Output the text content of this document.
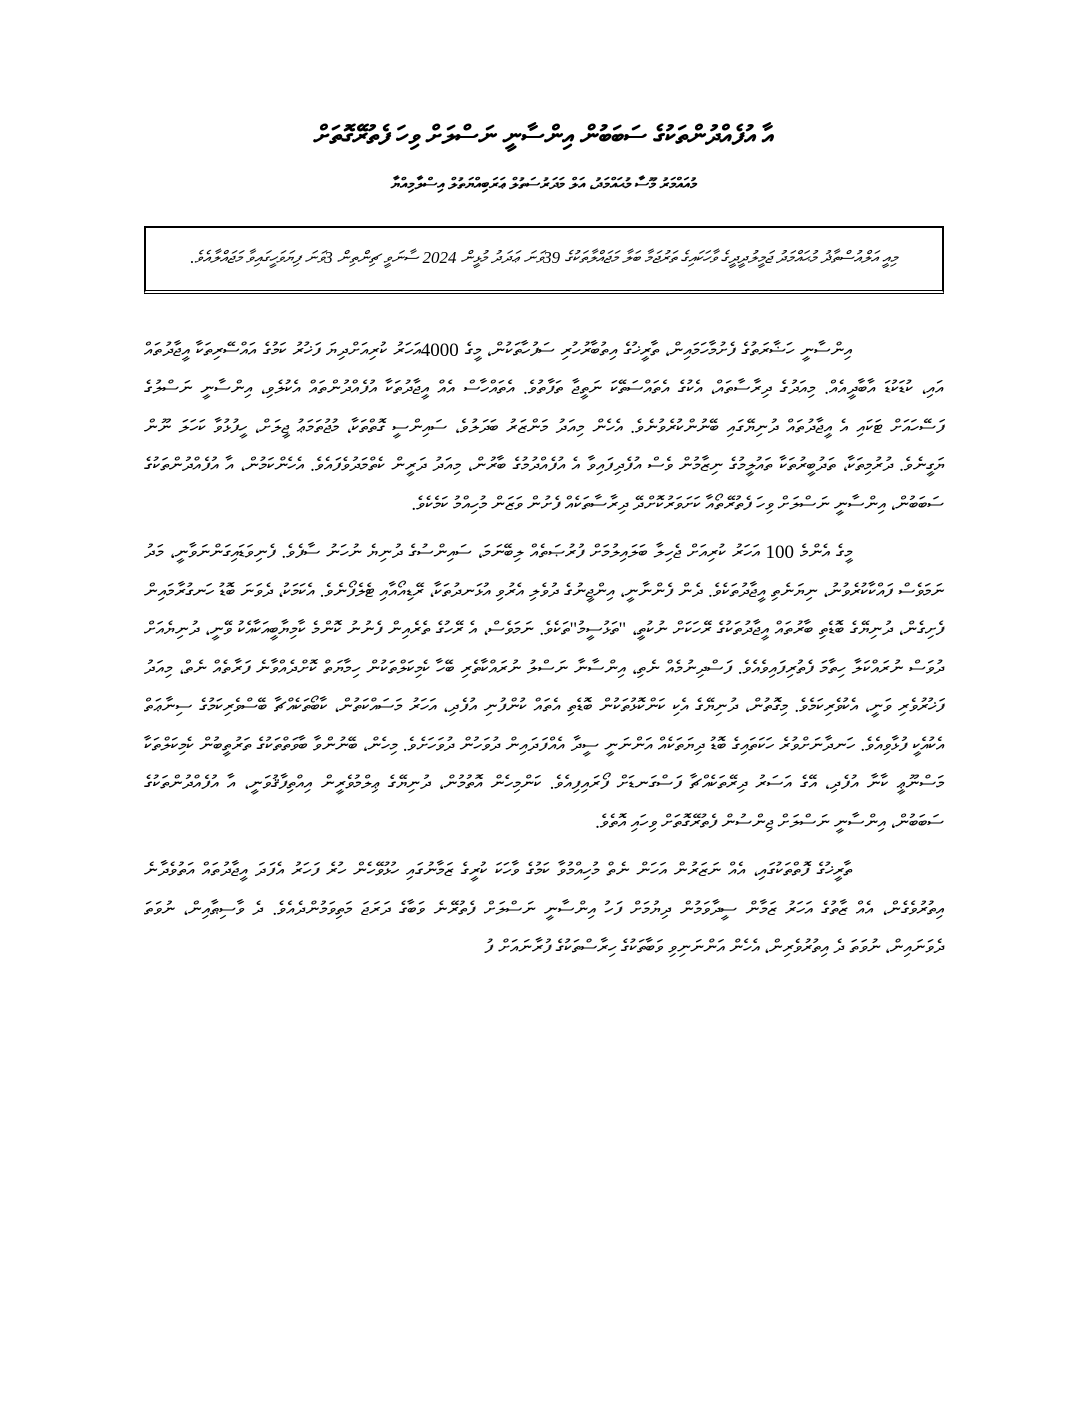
އާ އުފެއްދުންތަކުގެ ސަބަބުން އިންސާނީ ނަސްލަށް ވިހަ ފެތުރޭގޮތަށް
މުއައްމަރު މޫސާ މުޙައްމަދު، އަލް މަދަރުސަތުލް ޢަރަބިއްޔަތުލް އިސްލާމިއްޔާ
މިއީ އަލްއުސްތާޛު މުޙައްމަދު ޖަމީލުދީދީގެ ވާހަކައިގެ ތަރުޖަމާ ބަލާ މަޖައްލާތަކުގެ 39ވަނަ ޢަދަދު މުޅީން 2024 ސާނަވީ ޗިންތިން 3ވަނަ ފިޔަވަހީގައިވާ މަޖައްލާއެވެ.

އިންސާނީ ހަޟާރަތުގެ ފެށުމާހަމައިން، ތާރީޚުގެ އިތުބާރުހުރި ސަފުހާތަކުން، މީގެ 4000އަހަރު ކުރިއަށްދިޔަ ފަޚުރު ކަމުގެ އައްސޭރިތަކާ އީޖާދުތައް އައި، ކުޑަކުޑަ އާބާދީއެއް. މިއަދުގެ ދިރާސާތައް، އެކުގެ އެތައްސަތޭކަ ނަތީޖާ ތަފާތުވެ. އެތައްހާސް އެއް އީޖާދުތަކާ އުފެއްދުންތައް އެކުލެވި، އިންސާނީ ނަސްލުގެ ފަސޭހައަށް ޓަކައި އެ އީޖާދުތައް ދުނިޔޭގައި ބޭނުންކުރެވުނެވެ. އެހެން މިއަދު މަންޒަރު ބަދަލުވެ، ސައިންސީ ގޮތްތަކާ، މުޖުތަމަޢު ޖީލަށް، ހީފުޅުވާ ކަހަލަ ނޫން ޔަގީނެވެ. ދުރުމިތަކާ، ތަދުބީރުތަކާ ތައުލީމުގެ ނިޒާމުން ވެސް އުފެދިފައިވާ އެ އުފެއްދުމުގެ ބާރުން، މިއަދު ދަރީން ކެތްމަދުވެފައެވެ. އެހެންކަމުން، އާ އުފެއްދުންތަކުގެ ސަބަބުން، އިންސާނީ ނަސްލަށް ވިހަ ފެތުރޭތޯއާ ކަށަވަރުކޮށްދޭ ދިރާސާތަކެއް ފެށުން ވަޒަން މުހިއްމު ކަމެކެވެ.

މީގެ އެންމެ 100 އަހަރު ކުރިއަށް ޖެހިލާ ބަލައިލުމަށް ފުރުޞަތެއް ލިބޭނަމަ، ސައިންސުގެ ދުނިޔެ ނުހަނު ސާފެވެ. ފެނިވަޑައިގަންނަވާނީ، މަދު ނަމަވެސް ފައްކާކުރެވުނު، ނިޔަނެތި އީޖާދުތަކެވެ. ދެން ފެންނާނީ، އިންޖީނުގެ ދުވެލި އެރުވި އުޅަނދުތަކާ، ރޭޑިއޯއާއި ޓެލެފޯނެވެ. އެކަމަކު، ދެވަނަ ބޮޑު ހަނގުރާމައިން ފެށިގެން، ދުނިޔޭގެ ބޮޑެތި ބާރުތައް އީޖާދުތަކުގެ ރޭހަކަށް ނުކުތީ، "ތަޅުސީމު"ތަކެވެ. ނަމަވެސް، އެ ރޭހުގެ ތެރެއިން ފެނުނު ކޮންމެ ކާމިޔާބީއަކާއެކު ވޭނީ، ދުނިޔެއަށް ދުވަސް ނުރައްކަލާ ހިތާމަ ފެތުރިފައިވެއެވެ. ފަސްދިނުމެއް ނެތި، އިންސާނާ ނަސްލު ނުރައްކާތެރި ބޭހާ ކެމިކަލްތަކުން ހިމާޔަތް ކޮށްދެއްވާނެ ފަރާތެއް ނެތް، މިއަދު ފަޚުރުވެރި ވަނީ، އެކުވެރިކަމެވެ. މިގޮތުން، ދުނިޔޭގެ އެކި ކަންކޮޅުތަކުން ބޮޑެތި އެތައް ކުންފުނި އުފެދި، އަހަރު މަސައްކަތުން، ކާބޯތަކެއްޗާ ބޭސްވެރިކަމުގެ ސިނާޢަތް އެކުއެކީ ފުޅާވިއެވެ. ހަނދާނަށްވުރެ ހަކަތައިގެ ބޮޑު ދިޔަތަކެއް އަންނަނީ ސީދާ އެއްފަދައިން ދުވަހުން ދުވަހަށެވެ. މިހެން، ބޭނުންވާ ބާވަތްތަކުގެ ތަރުތީބުން ކެމިކަލްތަކާ މަސްނޫޢީ ކާނާ އުފެދި، އޭގެ އަސަރު ދިރޭތަކެއްޗާ ފަސްގަނޑަށް ފޯރައިފިއެވެ. ކަންމިހެން އޮތުމުން، ދުނިޔޭގެ ޢިލްމުވެރީން އިއްތިފާޤުވަނީ، އާ އުފެއްދުންތަކުގެ ސަބަބުން، އިންސާނީ ނަސްލަށް ޖިންސުން ފެތުރޭގޮތަށް ވިހައި އޮތެވެ.

ތާރީޚުގެ ފޮތްތަކުގައި، އެއް ނަޒަރުން އަހަން ނެތް މުހިއްމުވާ ކަމުގެ ވާހަކަ ކުރީގެ ޒަމާނުގައި ހުޅުވޭހެން ހުރެ ފަހަރު އެފަދަ އީޖާދުތައް އަތުވެދާނެ އިތުރުވެގެން، އެއް ޒާތުގެ އަހަރު ޒަމާން ސީދާވަމުން ދިޔުމަށް ފަހު އިންސާނީ ނަސްލަށް ފެތުރޭނެ ވަބާގެ ދަރަޖަ މަތިވަމުންދެއެވެ. ދެ ވާސިޠާއިން، ނުވަތަ ދެވަނައިން، ނުވަތަ ދެ އިތުރުވެރިން، އެހެން އަންނަނިވި ވަބާތަކުގެ ހިރާސްތަކުގެ ފުރާނައަށް ފު
